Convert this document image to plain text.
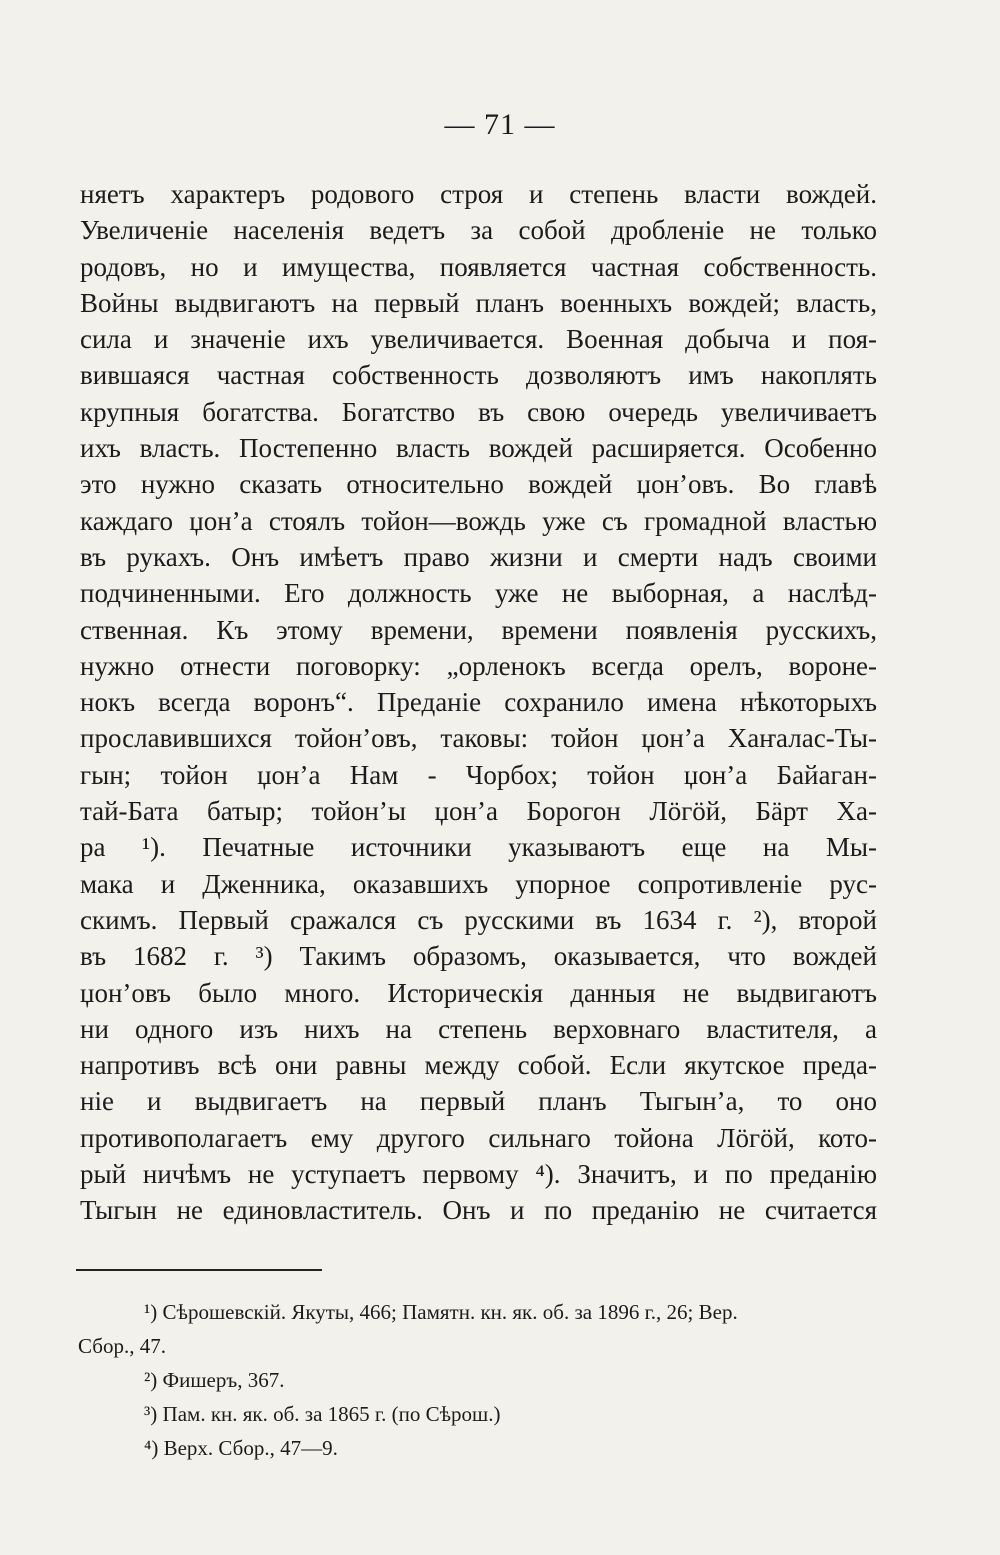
— 71 —
няетъ характеръ родового строя и степень власти вождей.
Увеличеніе населенія ведетъ за собой дробленіе не только
родовъ, но и имущества, появляется частная собственность.
Войны выдвигаютъ на первый планъ военныхъ вождей; власть,
сила и значеніе ихъ увеличивается. Военная добыча и поя-
вившаяся частная собственность дозволяютъ имъ накоплять
крупныя богатства. Богатство въ свою очередь увеличиваетъ
ихъ власть. Постепенно власть вождей расширяется. Особенно
это нужно сказать относительно вождей џон’овъ. Во главѣ
каждаго џон’а стоялъ тойон—вождь уже съ громадной властью
въ рукахъ. Онъ имѣетъ право жизни и смерти надъ своими
подчиненными. Его должность уже не выборная, а наслѣд-
ственная. Къ этому времени, времени появленія русскихъ,
нужно отнести поговорку: „орленокъ всегда орелъ, вороне-
нокъ всегда воронъ“. Преданіе сохранило имена нѣкоторыхъ
прославившихся тойон’овъ, таковы: тойон џон’а Хаҥалас-Ты-
гын; тойон џон’а Нам - Чорбох; тойон џон’а Байаган-
тай-Бата батыр; тойон’ы џон’а Борогон Лӧгӧй, Бӓрт Ха-
ра ¹). Печатные источники указываютъ еще на Мы-
мака и Дженника, оказавшихъ упорное сопротивленіе рус-
скимъ. Первый сражался съ русскими въ 1634 г. ²), второй
въ 1682 г. ³) Такимъ образомъ, оказывается, что вождей
џон’овъ было много. Историческія данныя не выдвигаютъ
ни одного изъ нихъ на степень верховнаго властителя, а
напротивъ всѣ они равны между собой. Если якутское преда-
ніе и выдвигаетъ на первый планъ Тыгын’а, то оно
противополагаетъ ему другого сильнаго тойона Лӧгӧй, кото-
рый ничѣмъ не уступаетъ первому ⁴). Значитъ, и по преданію
Тыгын не единовластитель. Онъ и по преданію не считается
¹) Сѣрошевскій. Якуты, 466; Памятн. кн. як. об. за 1896 г., 26; Вер.
Сбор., 47.
²) Фишеръ, 367.
³) Пам. кн. як. об. за 1865 г. (по Сѣрош.)
⁴) Верх. Сбор., 47—9.
